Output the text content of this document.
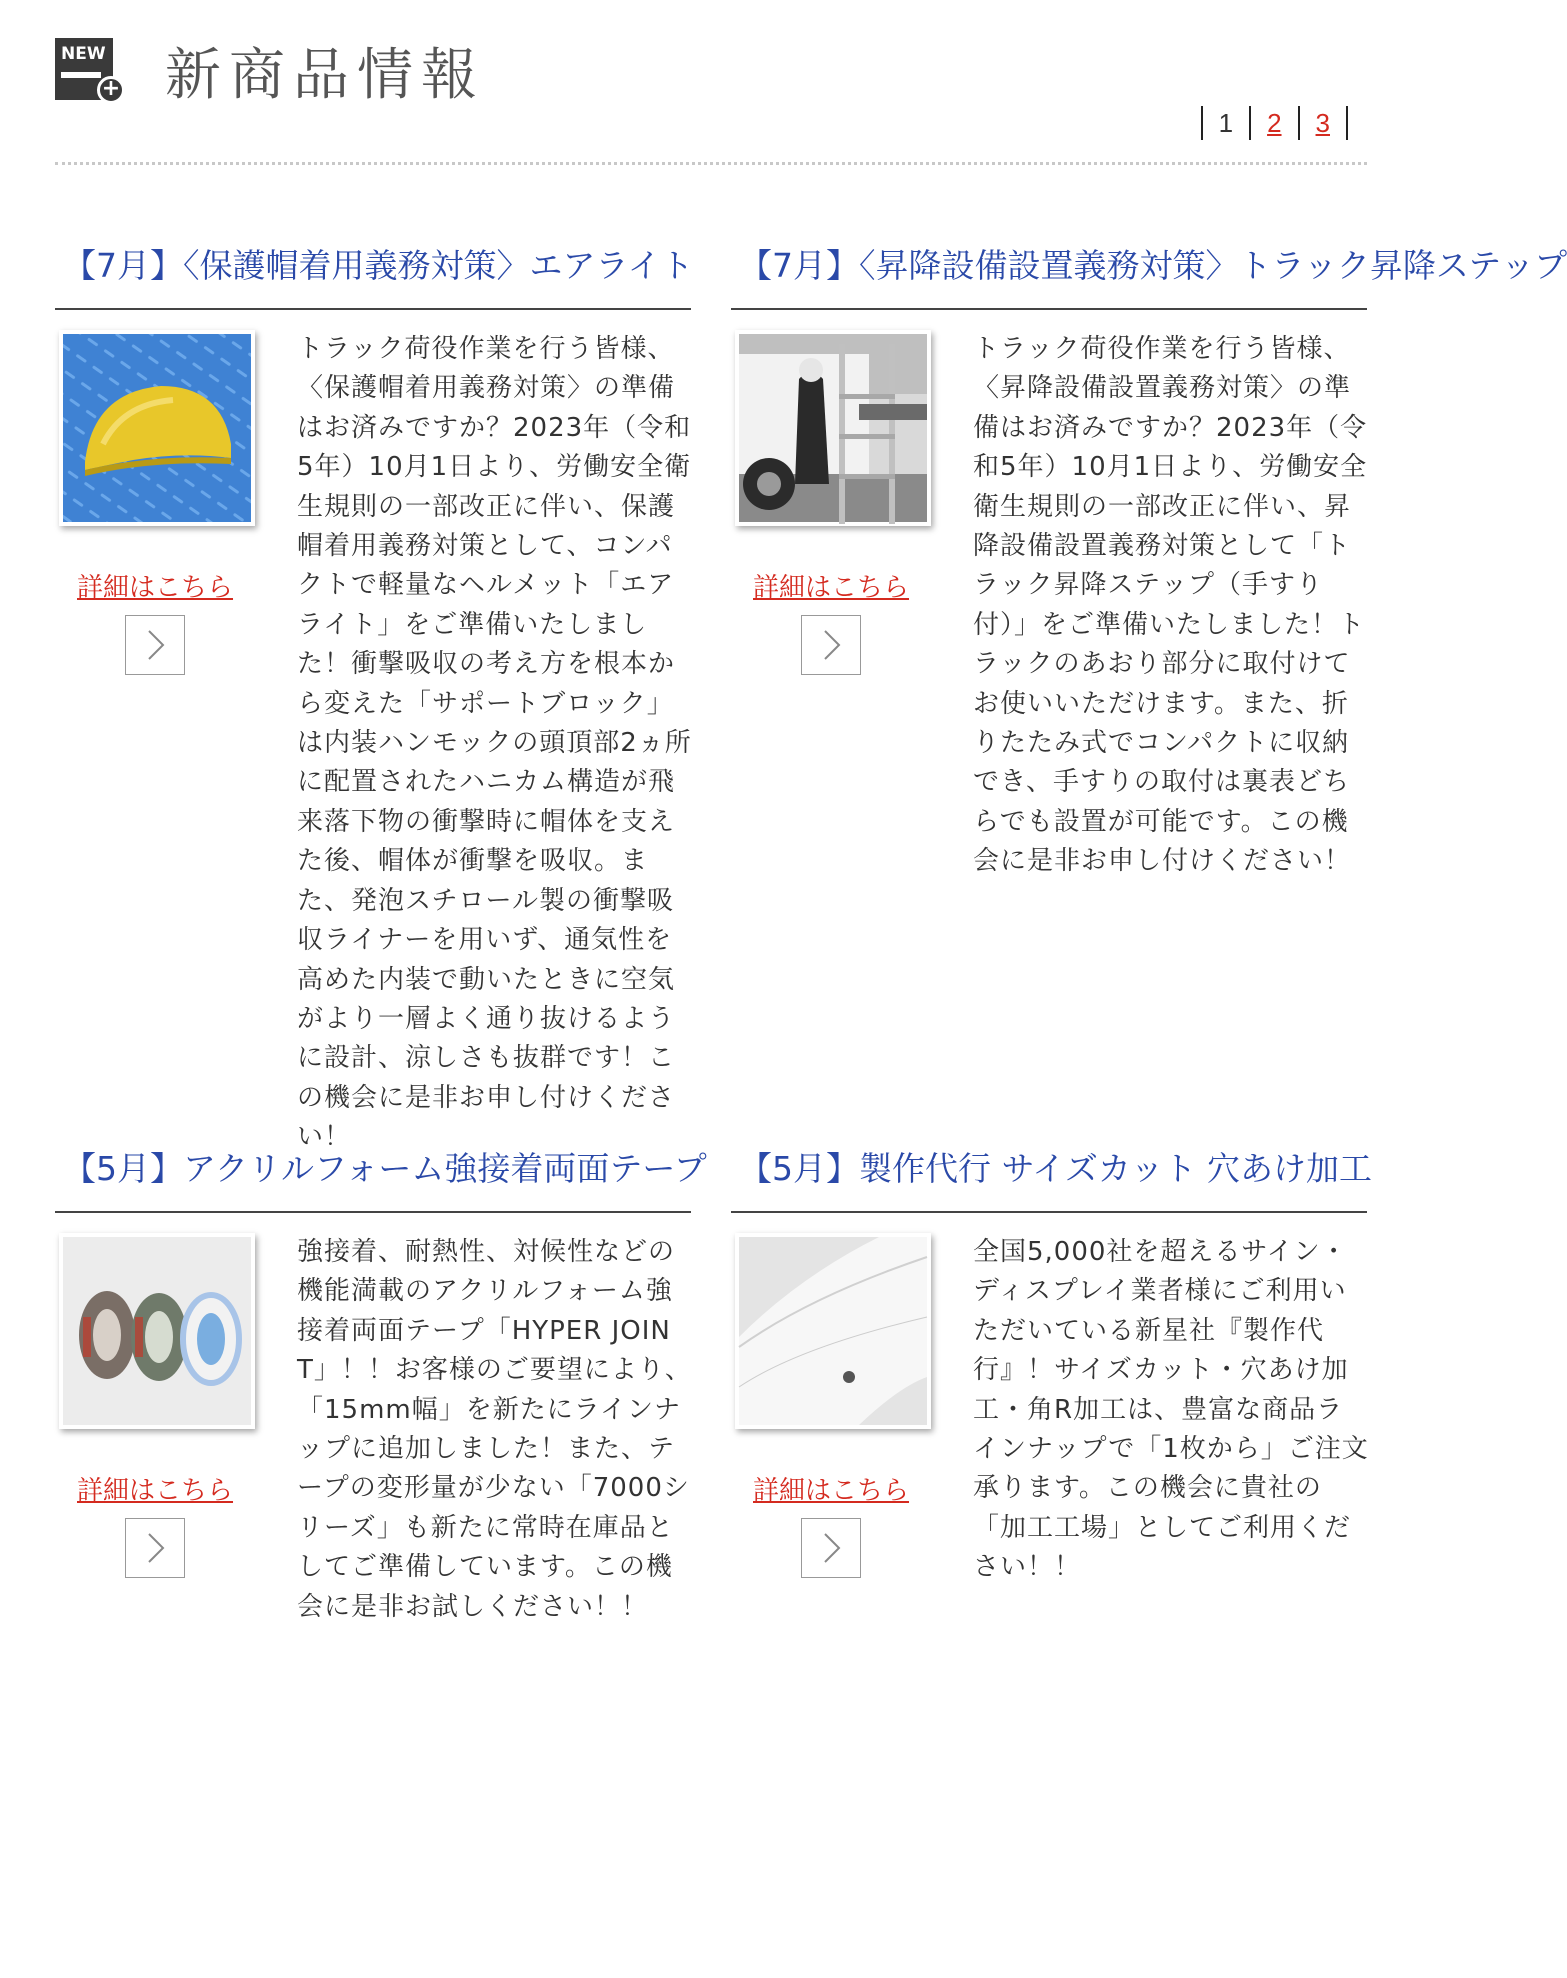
NEW
+ 新商品情報
1 2 3
【7月】〈保護帽着用義務対策〉エアライト
詳細はこちら

トラック荷役作業を行う皆様、〈保護帽着用義務対策〉の準備はお済みですか？2023年（令和5年）10月1日より、労働安全衛生規則の一部改正に伴い、保護帽着用義務対策として、コンパクトで軽量なヘルメット「エアライト」をご準備いたしました！衝撃吸収の考え方を根本から変えた「サポートブロック」は内装ハンモックの頭頂部2ヵ所に配置されたハニカム構造が飛来落下物の衝撃時に帽体を支えた後、帽体が衝撃を吸収。また、発泡スチロール製の衝撃吸収ライナーを用いず、通気性を高めた内装で動いたときに空気がより一層よく通り抜けるように設計、涼しさも抜群です！この機会に是非お申し付けください！

【7月】〈昇降設備設置義務対策〉トラック昇降ステップ
詳細はこちら

トラック荷役作業を行う皆様、〈昇降設備設置義務対策〉の準備はお済みですか？2023年（令和5年）10月1日より、労働安全衛生規則の一部改正に伴い、昇降設備設置義務対策として「トラック昇降ステップ（手すり付）」をご準備いたしました！トラックのあおり部分に取付けてお使いいただけます。また、折りたたみ式でコンパクトに収納でき、手すりの取付は裏表どちらでも設置が可能です。この機会に是非お申し付けください！

【5月】アクリルフォーム強接着両面テープ
詳細はこちら

強接着、耐熱性、対候性などの機能満載のアクリルフォーム強接着両面テープ「HYPER JOINT」！！お客様のご要望により、「15mm幅」を新たにラインナップに追加しました！また、テープの変形量が少ない「7000シリーズ」も新たに常時在庫品としてご準備しています。この機会に是非お試しください！！

【5月】製作代行 サイズカット 穴あけ加工
詳細はこちら

全国5,000社を超えるサイン・ディスプレイ業者様にご利用いただいている新星社『製作代行』！サイズカット・穴あけ加工・角R加工は、豊富な商品ラインナップで「1枚から」ご注文承ります。この機会に貴社の「加工工場」としてご利用ください！！
